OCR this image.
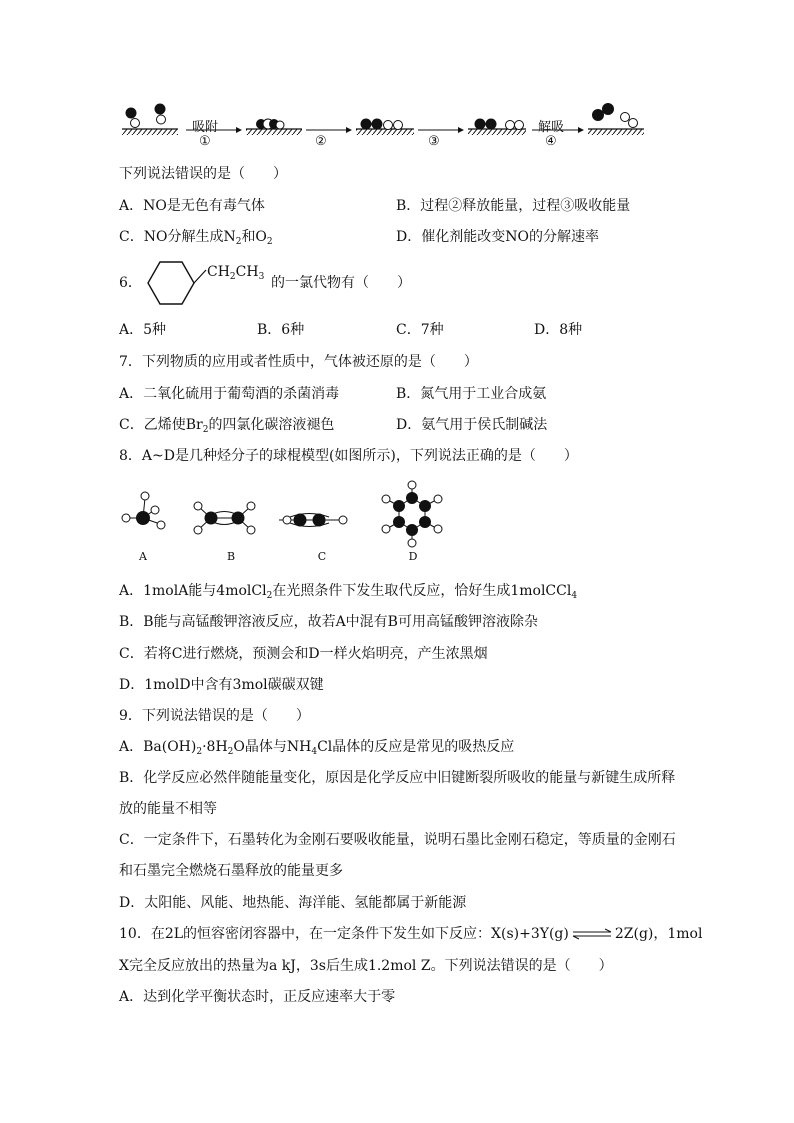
吸附
①	②	③
解吸
④
下列说法错误的是（　　）
A．NO是无色有毒气体	B．过程②释放能量，过程③吸收能量
C．NO分解生成$N_2$和$O_2$	D．催化剂能改变NO的分解速率
6．
$CH_2CH_3$ 的一氯代物有（　　）
A．5种	B．6种	C．7种	D．8种
7．下列物质的应用或者性质中，气体被还原的是（　　）
A．二氧化硫用于葡萄酒的杀菌消毒	B．氮气用于工业合成氨
C．乙烯使$Br_2$的四氯化碳溶液褪色	D．氨气用于侯氏制碱法
8．A~D是几种烃分子的球棍模型(如图所示)，下列说法正确的是（　　）
A	B	C	D
A．1molA能与4molCl$_2$在光照条件下发生取代反应，恰好生成1molCCl$_4$
B．B能与高锰酸钾溶液反应，故若A中混有B可用高锰酸钾溶液除杂
C．若将C进行燃烧，预测会和D一样火焰明亮，产生浓黑烟
D．1molD中含有3mol碳碳双键
9．下列说法错误的是（　　）
A．$Ba(OH)_2\cdot 8H_2O$晶体与$NH_4Cl$晶体的反应是常见的吸热反应
B．化学反应必然伴随能量变化，原因是化学反应中旧键断裂所吸收的能量与新键生成所释
放的能量不相等
C．一定条件下，石墨转化为金刚石要吸收能量，说明石墨比金刚石稳定，等质量的金刚石
和石墨完全燃烧石墨释放的能量更多
D．太阳能、风能、地热能、海洋能、氢能都属于新能源
10．在2L的恒容密闭容器中，在一定条件下发生如下反应：X(s)+3Y(g) ⇌ 2Z(g)，1mol
X完全反应放出的热量为a kJ，3s后生成1.2mol Z。下列说法错误的是（　　）
A．达到化学平衡状态时，正反应速率大于零
